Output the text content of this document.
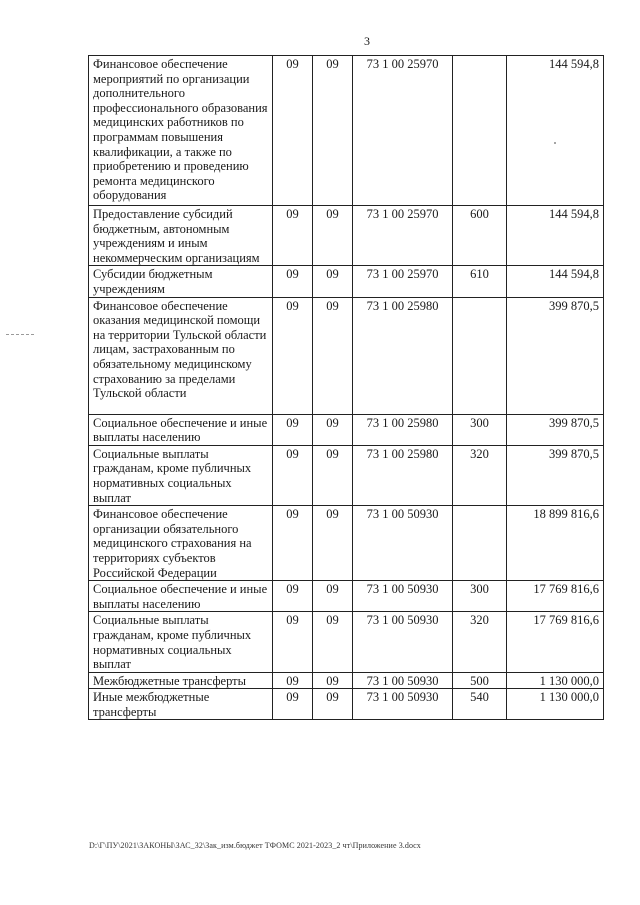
3
Финансовое обеспечение мероприятий по организации дополнительного профессионального образования медицинских работников по программам повышения квалификации, а также по приобретению и проведению ремонта медицинского оборудования	09	09	73 1 00 25970		144 594,8
Предоставление субсидий бюджетным, автономным учреждениям и иным некоммерческим организациям	09	09	73 1 00 25970	600	144 594,8
Субсидии бюджетным учреждениям	09	09	73 1 00 25970	610	144 594,8
Финансовое обеспечение оказания медицинской помощи на территории Тульской области лицам, застрахованным по обязательному медицинскому страхованию за пределами Тульской области	09	09	73 1 00 25980		399 870,5
Социальное обеспечение и иные выплаты населению	09	09	73 1 00 25980	300	399 870,5
Социальные выплаты гражданам, кроме публичных нормативных социальных выплат	09	09	73 1 00 25980	320	399 870,5
Финансовое обеспечение организации обязательного медицинского страхования на территориях субъектов Российской Федерации	09	09	73 1 00 50930		18 899 816,6
Социальное обеспечение и иные выплаты населению	09	09	73 1 00 50930	300	17 769 816,6
Социальные выплаты гражданам, кроме публичных нормативных социальных выплат	09	09	73 1 00 50930	320	17 769 816,6
Межбюджетные трансферты	09	09	73 1 00 50930	500	1 130 000,0
Иные межбюджетные трансферты	09	09	73 1 00 50930	540	1 130 000,0
D:\Г\ПУ\2021\ЗАКОНЫ\ЗАС_32\Зак_изм.бюджет ТФОМС 2021-2023_2 чт\Приложение 3.docx
